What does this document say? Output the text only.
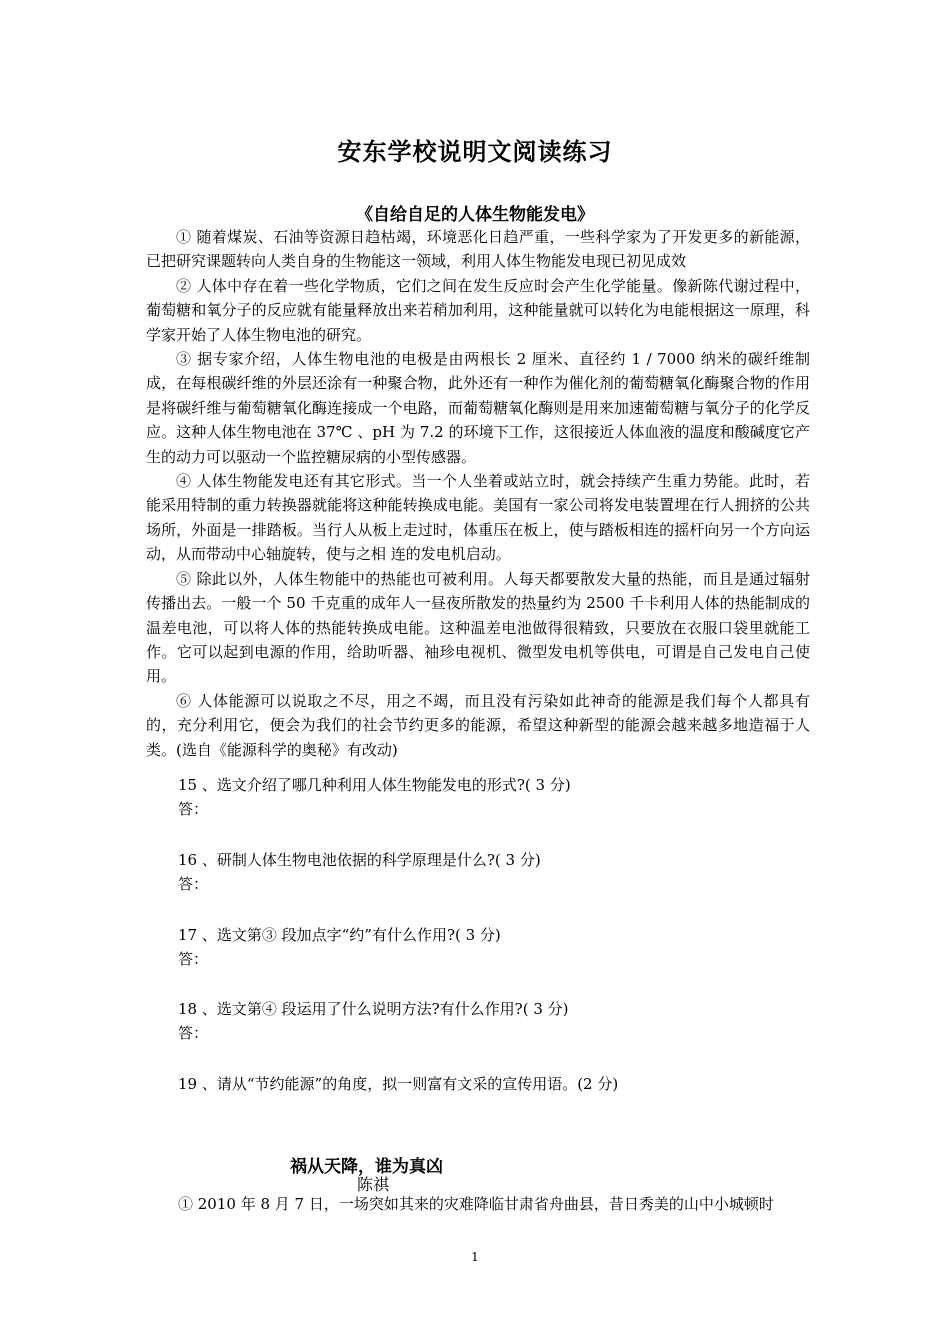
安东学校说明文阅读练习
《自给自足的人体生物能发电》

① 随着煤炭、石油等资源日趋枯竭，环境恶化日趋严重，一些科学家为了开发更多的新能源，已把研究课题转向人类自身的生物能这一领域，利用人体生物能发电现已初见成效

② 人体中存在着一些化学物质，它们之间在发生反应时会产生化学能量。像新陈代谢过程中，葡萄糖和氧分子的反应就有能量释放出来若稍加利用，这种能量就可以转化为电能根据这一原理，科学家开始了人体生物电池的研究。

③ 据专家介绍，人体生物电池的电极是由两根长 2 厘米、直径约 1 / 7000 纳米的碳纤维制成，在每根碳纤维的外层还涂有一种聚合物，此外还有一种作为催化剂的葡萄糖氧化酶聚合物的作用是将碳纤维与葡萄糖氧化酶连接成一个电路，而葡萄糖氧化酶则是用来加速葡萄糖与氧分子的化学反应。这种人体生物电池在 37℃ 、pH 为 7.2 的环境下工作，这很接近人体血液的温度和酸碱度它产生的动力可以驱动一个监控糖尿病的小型传感器。

④ 人体生物能发电还有其它形式。当一个人坐着或站立时，就会持续产生重力势能。此时，若能采用特制的重力转换器就能将这种能转换成电能。美国有一家公司将发电装置埋在行人拥挤的公共场所，外面是一排踏板。当行人从板上走过时，体重压在板上，使与踏板相连的摇杆向另一个方向运动，从而带动中心轴旋转，使与之相 连的发电机启动。

⑤ 除此以外，人体生物能中的热能也可被利用。人每天都要散发大量的热能，而且是通过辐射传播出去。一般一个 50 千克重的成年人一昼夜所散发的热量约为 2500 千卡利用人体的热能制成的温差电池，可以将人体的热能转换成电能。这种温差电池做得很精致，只要放在衣服口袋里就能工作。它可以起到电源的作用，给助听器、袖珍电视机、微型发电机等供电，可谓是自己发电自己使用。

⑥ 人体能源可以说取之不尽，用之不竭，而且没有污染如此神奇的能源是我们每个人都具有的，充分利用它，便会为我们的社会节约更多的能源，希望这种新型的能源会越来越多地造福于人类。(选自《能源科学的奥秘》有改动)

15 、选文介绍了哪几种利用人体生物能发电的形式?( 3 分)
答：
16 、研制人体生物电池依据的科学原理是什么?( 3 分)
答：
17 、选文第③ 段加点字“约”有什么作用?( 3 分)
答：
18 、选文第④ 段运用了什么说明方法?有什么作用?( 3 分)
答：
19 、请从“节约能源”的角度，拟一则富有文采的宣传用语。(2 分)
祸从天降，谁为真凶
陈祺
① 2010 年 8 月 7 日，一场突如其来的灾难降临甘肃省舟曲县，昔日秀美的山中小城顿时
1
